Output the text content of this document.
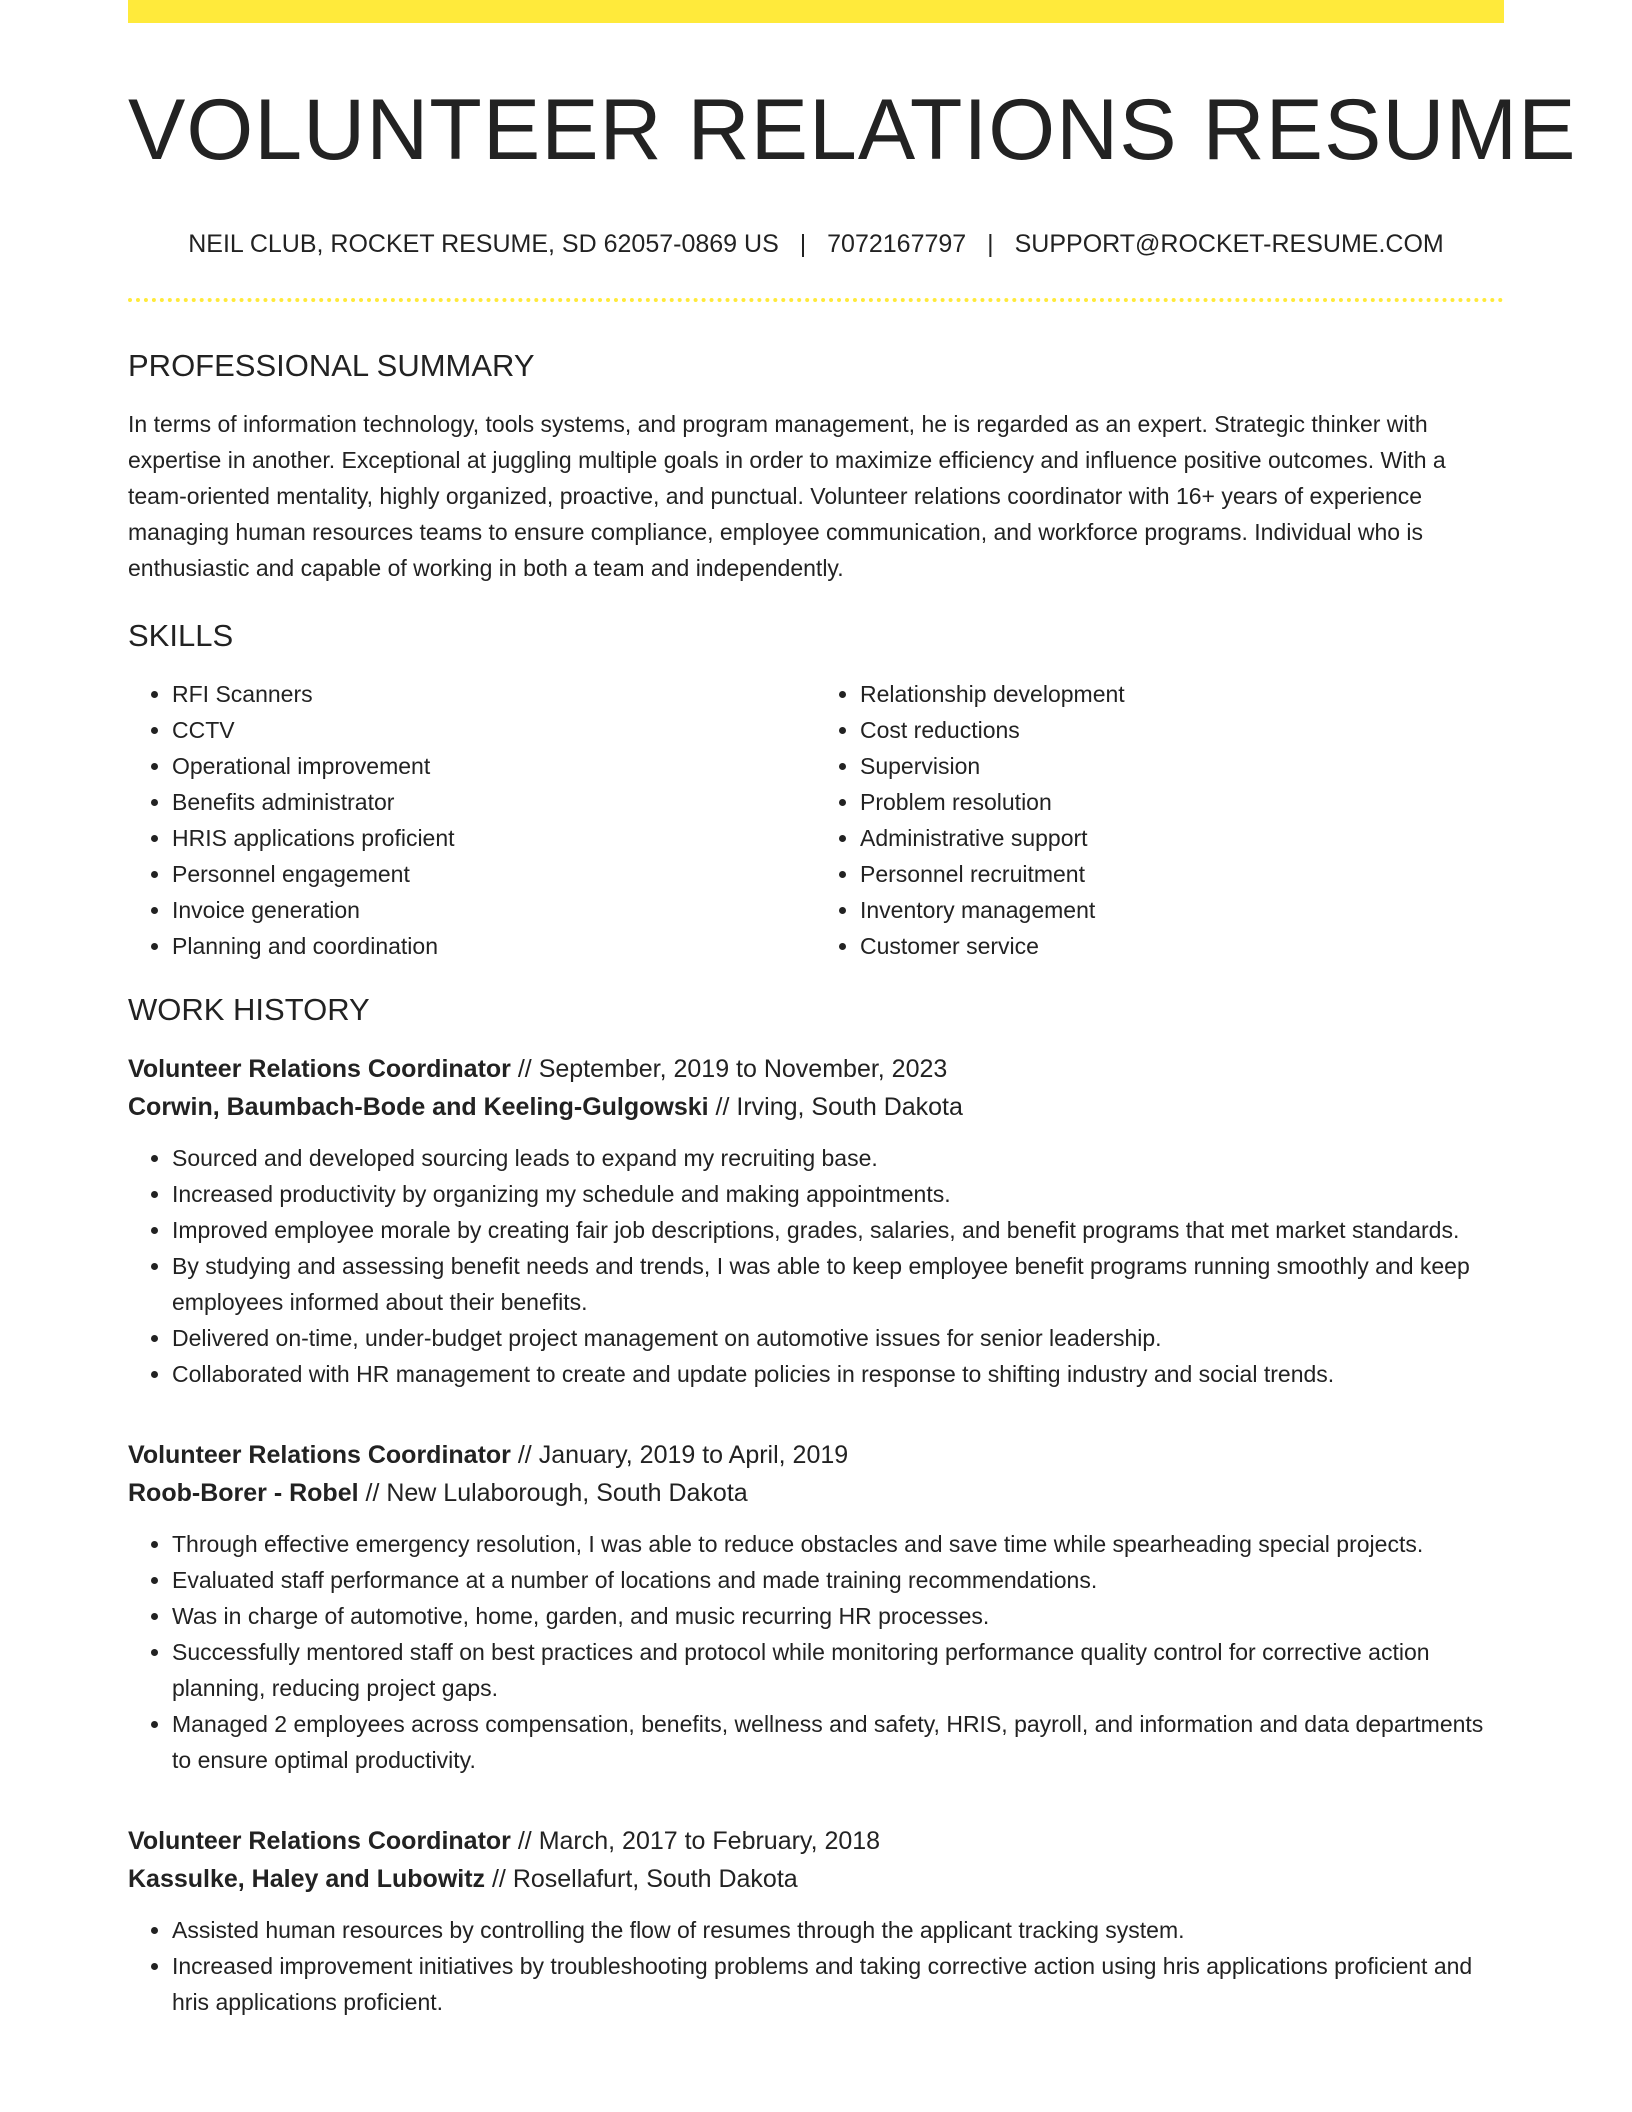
VOLUNTEER RELATIONS RESUME
NEIL CLUB, ROCKET RESUME, SD 62057-0869 US | 7072167797 | SUPPORT@ROCKET-RESUME.COM
PROFESSIONAL SUMMARY

In terms of information technology, tools systems, and program management, he is regarded as an expert. Strategic thinker with expertise in another. Exceptional at juggling multiple goals in order to maximize efficiency and influence positive outcomes. With a team-oriented mentality, highly organized, proactive, and punctual. Volunteer relations coordinator with 16+ years of experience managing human resources teams to ensure compliance, employee communication, and workforce programs. Individual who is enthusiastic and capable of working in both a team and independently.

SKILLS
• RFI Scanners
• CCTV
• Operational improvement
• Benefits administrator
• HRIS applications proficient
• Personnel engagement
• Invoice generation
• Planning and coordination
• Relationship development
• Cost reductions
• Supervision
• Problem resolution
• Administrative support
• Personnel recruitment
• Inventory management
• Customer service
WORK HISTORY
Volunteer Relations Coordinator // September, 2019 to November, 2023
Corwin, Baumbach-Bode and Keeling-Gulgowski // Irving, South Dakota
• Sourced and developed sourcing leads to expand my recruiting base.
• Increased productivity by organizing my schedule and making appointments.
• Improved employee morale by creating fair job descriptions, grades, salaries, and benefit programs that met market standards.
• By studying and assessing benefit needs and trends, I was able to keep employee benefit programs running smoothly and keep employees informed about their benefits.
• Delivered on-time, under-budget project management on automotive issues for senior leadership.
• Collaborated with HR management to create and update policies in response to shifting industry and social trends.
Volunteer Relations Coordinator // January, 2019 to April, 2019
Roob-Borer - Robel // New Lulaborough, South Dakota
• Through effective emergency resolution, I was able to reduce obstacles and save time while spearheading special projects.
• Evaluated staff performance at a number of locations and made training recommendations.
• Was in charge of automotive, home, garden, and music recurring HR processes.
• Successfully mentored staff on best practices and protocol while monitoring performance quality control for corrective action planning, reducing project gaps.
• Managed 2 employees across compensation, benefits, wellness and safety, HRIS, payroll, and information and data departments to ensure optimal productivity.
Volunteer Relations Coordinator // March, 2017 to February, 2018
Kassulke, Haley and Lubowitz // Rosellafurt, South Dakota
• Assisted human resources by controlling the flow of resumes through the applicant tracking system.
• Increased improvement initiatives by troubleshooting problems and taking corrective action using hris applications proficient and hris applications proficient.
